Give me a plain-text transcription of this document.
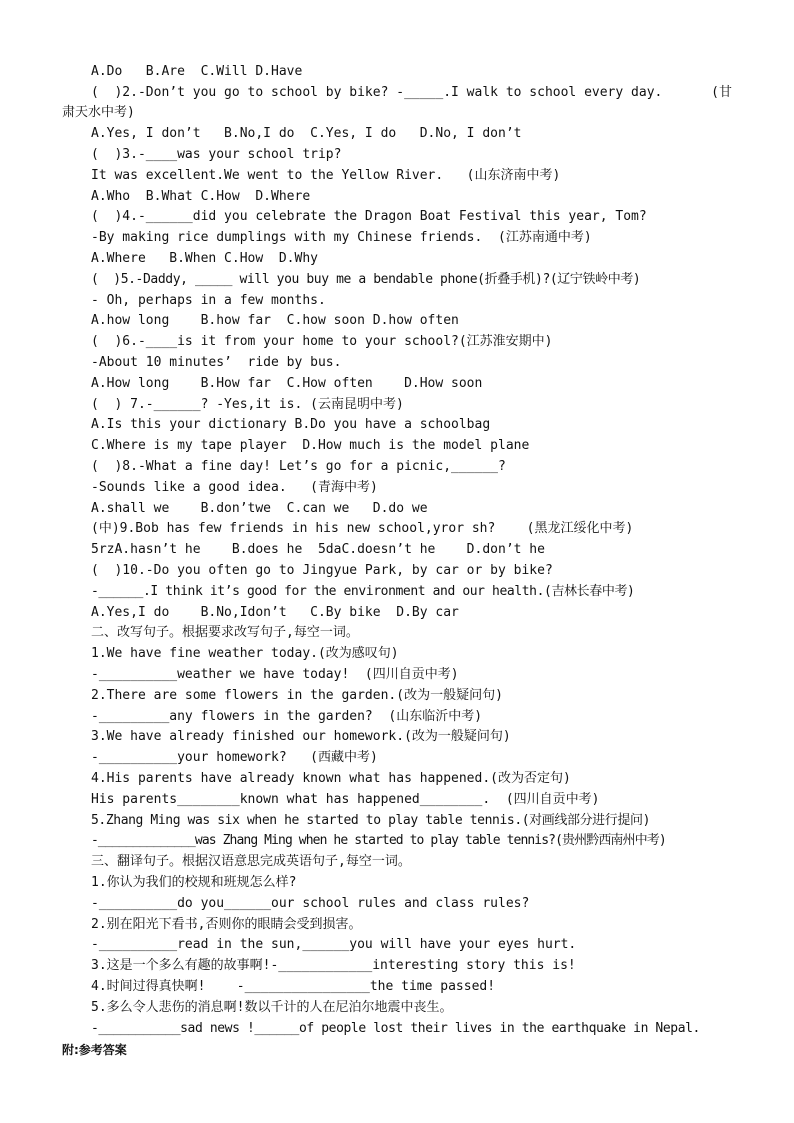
A.Do   B.Are  C.Will D.Have
(  )2.-Don’t you go to school by bike? -_____.I walk to school every day.	(甘
肃天水中考)
A.Yes, I don’t   B.No,I do  C.Yes, I do   D.No, I don’t
(  )3.-____was your school trip?
It was excellent.We went to the Yellow River.   (山东济南中考)
A.Who  B.What C.How  D.Where
(  )4.-______did you celebrate the Dragon Boat Festival this year, Tom?
-By making rice dumplings with my Chinese friends.  (江苏南通中考)
A.Where   B.When C.How  D.Why
(  )5.-Daddy, _____ will you buy me a bendable phone(折叠手机)?(辽宁铁岭中考)
- Oh, perhaps in a few months.
A.how long    B.how far  C.how soon D.how often
(  )6.-____is it from your home to your school?(江苏淮安期中)
-About 10 minutes’  ride by bus.
A.How long    B.How far  C.How often    D.How soon
(  ) 7.-______? -Yes,it is. (云南昆明中考)
A.Is this your dictionary B.Do you have a schoolbag
C.Where is my tape player  D.How much is the model plane
(  )8.-What a fine day! Let’s go for a picnic,______?
-Sounds like a good idea.   (青海中考)
A.shall we    B.don’twe  C.can we   D.do we
(中)9.Bob has few friends in his new school,yror sh?    (黑龙江绥化中考)
5rzA.hasn’t he    B.does he  5daC.doesn’t he    D.don’t he
(  )10.-Do you often go to Jingyue Park, by car or by bike?
-______.I think it’s good for the environment and our health.(吉林长春中考)
A.Yes,I do    B.No,Idon’t   C.By bike  D.By car
二、改写句子。根据要求改写句子,每空一词。
1.We have fine weather today.(改为感叹句)
-__________weather we have today!  (四川自贡中考)
2.There are some flowers in the garden.(改为一般疑问句)
-_________any flowers in the garden?  (山东临沂中考)
3.We have already finished our homework.(改为一般疑问句)
-__________your homework?   (西藏中考)
4.His parents have already known what has happened.(改为否定句)
His parents________known what has happened________.  (四川自贡中考)
5.Zhang Ming was six when he started to play table tennis.(对画线部分进行提问)
-______________was Zhang Ming when he started to play table tennis?(贵州黔西南州中考)
三、翻译句子。根据汉语意思完成英语句子,每空一词。
1.你认为我们的校规和班规怎么样?
-__________do you______our school rules and class rules?
2.别在阳光下看书,否则你的眼睛会受到损害。
-__________read in the sun,______you will have your eyes hurt.
3.这是一个多么有趣的故事啊!-____________interesting story this is!
4.时间过得真快啊!    -________________the time passed!
5.多么令人悲伤的消息啊!数以千计的人在尼泊尔地震中丧生。
-___________sad news !______of people lost their lives in the earthquake in Nepal.
附:参考答案
